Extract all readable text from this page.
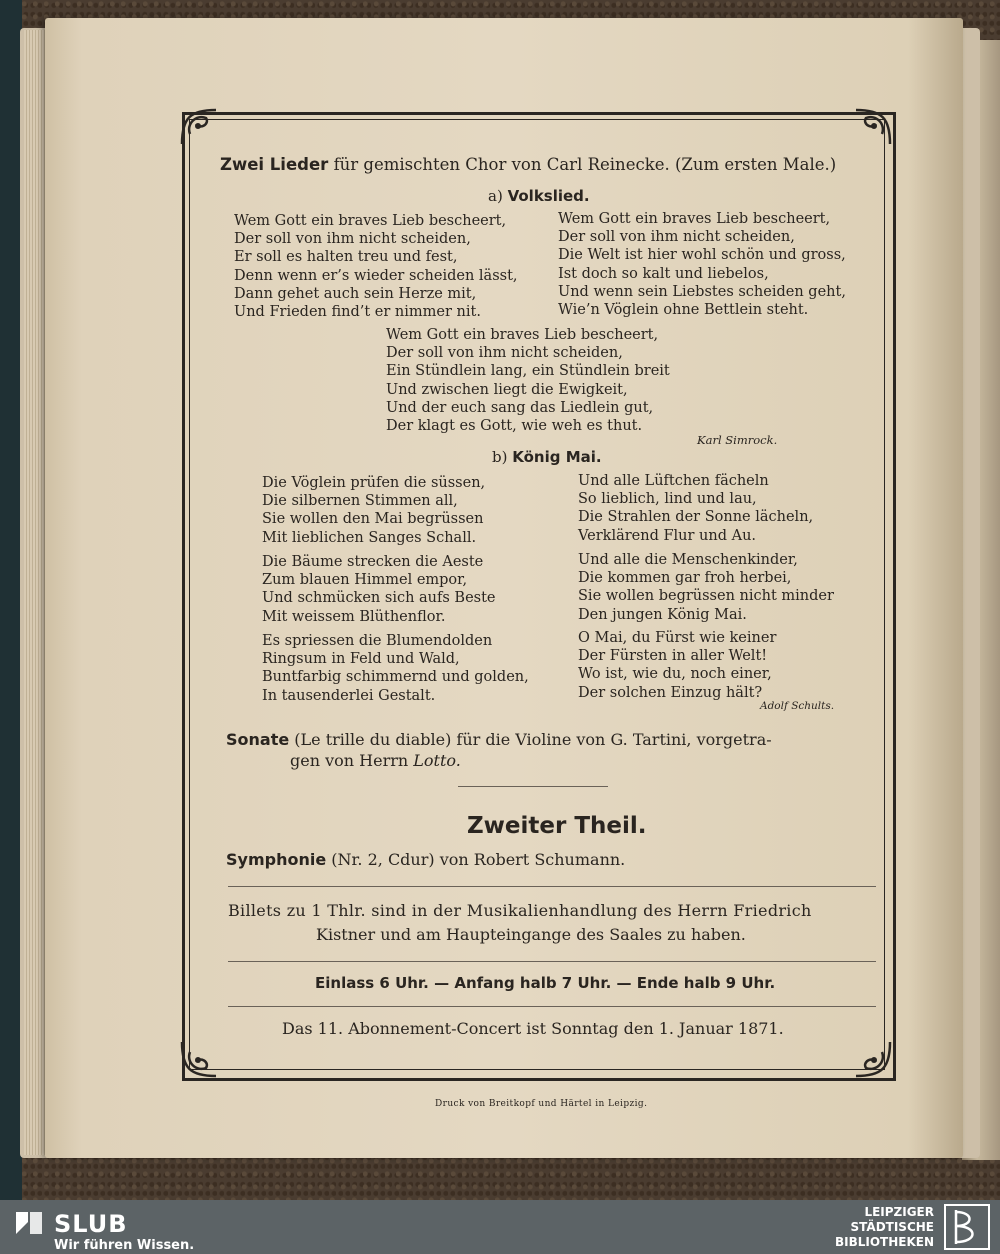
Zwei Lieder für gemischten Chor von Carl Reinecke. (Zum ersten Male.)
a) Volkslied.
Wem Gott ein braves Lieb bescheert,
Der soll von ihm nicht scheiden,
Er soll es halten treu und fest,
Denn wenn er’s wieder scheiden lässt,
Dann gehet auch sein Herze mit,
Und Frieden find’t er nimmer nit.
Wem Gott ein braves Lieb bescheert,
Der soll von ihm nicht scheiden,
Die Welt ist hier wohl schön und gross,
Ist doch so kalt und liebelos,
Und wenn sein Liebstes scheiden geht,
Wie’n Vöglein ohne Bettlein steht.
Wem Gott ein braves Lieb bescheert,
Der soll von ihm nicht scheiden,
Ein Stündlein lang, ein Stündlein breit
Und zwischen liegt die Ewigkeit,
Und der euch sang das Liedlein gut,
Der klagt es Gott, wie weh es thut.
Karl Simrock.
b) König Mai.
Die Vöglein prüfen die süssen,
Die silbernen Stimmen all,
Sie wollen den Mai begrüssen
Mit lieblichen Sanges Schall.
Die Bäume strecken die Aeste
Zum blauen Himmel empor,
Und schmücken sich aufs Beste
Mit weissem Blüthenflor.
Es spriessen die Blumendolden
Ringsum in Feld und Wald,
Buntfarbig schimmernd und golden,
In tausenderlei Gestalt.
Und alle Lüftchen fächeln
So lieblich, lind und lau,
Die Strahlen der Sonne lächeln,
Verklärend Flur und Au.
Und alle die Menschenkinder,
Die kommen gar froh herbei,
Sie wollen begrüssen nicht minder
Den jungen König Mai.
O Mai, du Fürst wie keiner
Der Fürsten in aller Welt!
Wo ist, wie du, noch einer,
Der solchen Einzug hält?
Adolf Schults.
Sonate (Le trille du diable) für die Violine von G. Tartini, vorgetra-
gen von Herrn Lotto.
Zweiter Theil.
Symphonie (Nr. 2, Cdur) von Robert Schumann.
Billets zu 1 Thlr. sind in der Musikalienhandlung des Herrn Friedrich
Kistner und am Haupteingange des Saales zu haben.
Einlass 6 Uhr. — Anfang halb 7 Uhr. — Ende halb 9 Uhr.
Das 11. Abonnement-Concert ist Sonntag den 1. Januar 1871.
Druck von Breitkopf und Härtel in Leipzig.
SLUB
Wir führen Wissen.
LEIPZIGER
STÄDTISCHE
BIBLIOTHEKEN
